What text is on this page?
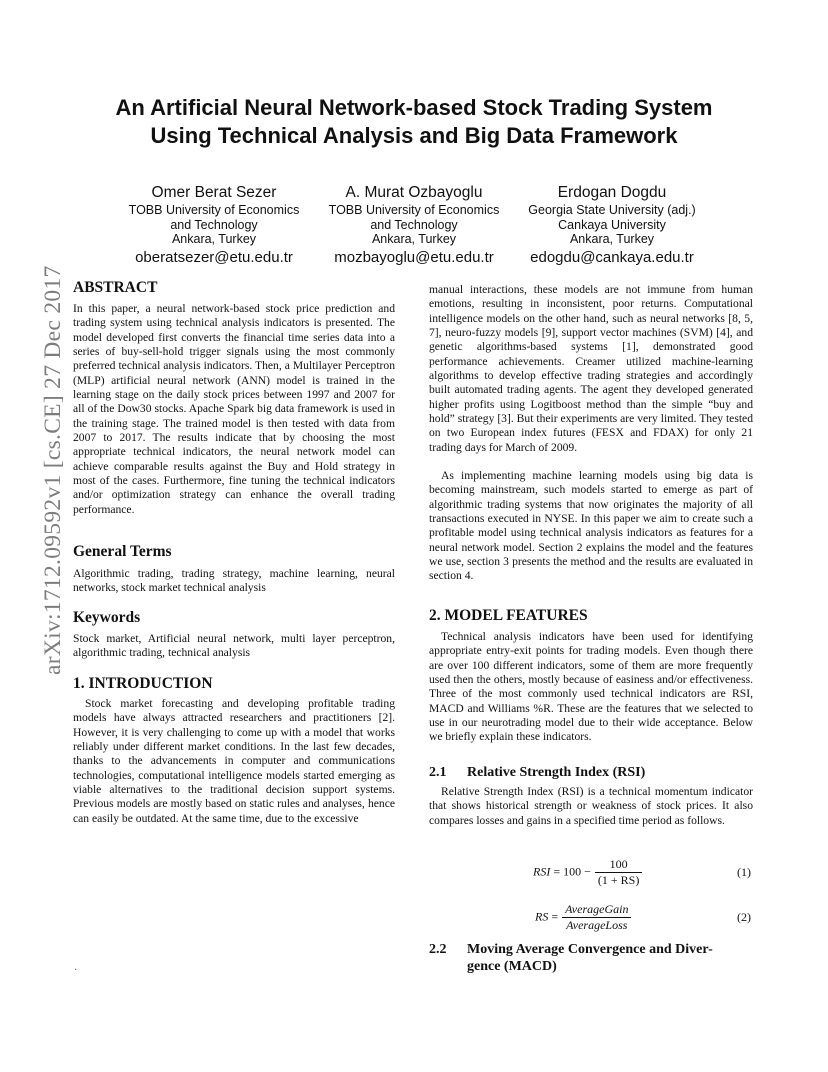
arXiv:1712.09592v1 [cs.CE] 27 Dec 2017
An Artificial Neural Network-based Stock Trading System
Using Technical Analysis and Big Data Framework
Omer Berat Sezer
TOBB University of Economics
and Technology
Ankara, Turkey
oberatsezer@etu.edu.tr
A. Murat Ozbayoglu
TOBB University of Economics
and Technology
Ankara, Turkey
mozbayoglu@etu.edu.tr
Erdogan Dogdu
Georgia State University (adj.)
Cankaya University
Ankara, Turkey
edogdu@cankaya.edu.tr
ABSTRACT

In this paper, a neural network-based stock price prediction and trading system using technical analysis indicators is presented. The model developed first converts the financial time series data into a series of buy-sell-hold trigger signals using the most commonly preferred technical analysis indicators. Then, a Multilayer Perceptron (MLP) artificial neural network (ANN) model is trained in the learning stage on the daily stock prices between 1997 and 2007 for all of the Dow30 stocks. Apache Spark big data framework is used in the training stage. The trained model is then tested with data from 2007 to 2017. The results indicate that by choosing the most appropriate technical indicators, the neural network model can achieve comparable results against the Buy and Hold strategy in most of the cases. Furthermore, fine tuning the technical indicators and/or optimization strategy can enhance the overall trading performance.

General Terms

Algorithmic trading, trading strategy, machine learning, neural networks, stock market technical analysis

Keywords

Stock market, Artificial neural network, multi layer perceptron, algorithmic trading, technical analysis

1. INTRODUCTION

Stock market forecasting and developing profitable trading models have always attracted researchers and practitioners [2]. However, it is very challenging to come up with a model that works reliably under different market conditions. In the last few decades, thanks to the advancements in computer and communications technologies, computational intelligence models started emerging as viable alternatives to the traditional decision support systems. Previous models are mostly based on static rules and analyses, hence can easily be outdated. At the same time, due to the excessive

manual interactions, these models are not immune from human emotions, resulting in inconsistent, poor returns. Computational intelligence models on the other hand, such as neural networks [8, 5, 7], neuro-fuzzy models [9], support vector machines (SVM) [4], and genetic algorithms-based systems [1], demonstrated good performance achievements. Creamer utilized machine-learning algorithms to develop effective trading strategies and accordingly built automated trading agents. The agent they developed generated higher profits using Logitboost method than the simple “buy and hold” strategy [3]. But their experiments are very limited. They tested on two European index futures (FESX and FDAX) for only 21 trading days for March of 2009.

As implementing machine learning models using big data is becoming mainstream, such models started to emerge as part of algorithmic trading systems that now originates the majority of all transactions executed in NYSE. In this paper we aim to create such a profitable model using technical analysis indicators as features for a neural network model. Section 2 explains the model and the features we use, section 3 presents the method and the results are evaluated in section 4.

2. MODEL FEATURES

Technical analysis indicators have been used for identifying appropriate entry-exit points for trading models. Even though there are over 100 different indicators, some of them are more frequently used then the others, mostly because of easiness and/or effectiveness. Three of the most commonly used technical indicators are RSI, MACD and Williams %R. These are the features that we selected to use in our neurotrading model due to their wide acceptance. Below we briefly explain these indicators.

2.1 Relative Strength Index (RSI)

Relative Strength Index (RSI) is a technical momentum indicator that shows historical strength or weakness of stock prices. It also compares losses and gains in a specified time period as follows.

RSI = $100 - \frac{100}{(1 + RS)}$	(1)
RS = $\frac{\text{AverageGain}}{\text{AverageLoss}}$	(2)
2.2 Moving Average Convergence and Diver-
gence (MACD)
.
